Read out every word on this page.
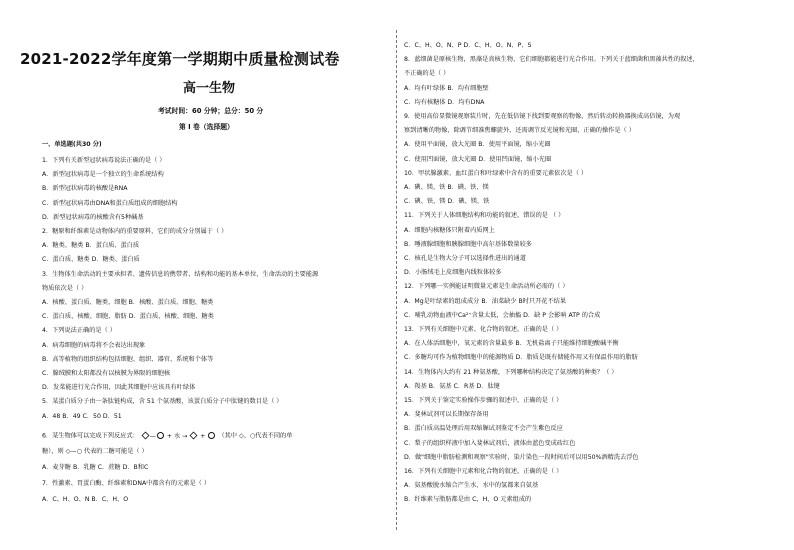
2021-2022学年度第一学期期中质量检测试卷
高一生物
考试时间：60 分钟；总分：50 分
第 I 卷（选择题）
一、单选题(共30 分)
1．下列有关新型冠状病毒说法正确的是（ ）
A．新型冠状病毒是一个独立的生命系统结构
B．新型冠状病毒的核酸是RNA
C．新型冠状病毒由DNA和蛋白质组成的细胞结构
D．新型冠状病毒的核酸含有5种碱基
2．糖原和纤维素是动物体内的重要原料，它们的成分分别属于（ ）
A．糖类、糖类 B．蛋白质、蛋白质
C．蛋白质、糖类 D．糖类、蛋白质
3．生物体生命活动的主要承担者、遗传信息的携带者、结构和功能的基本单位、生命活动的主要能源
物质依次是（ ）
A．核酸、蛋白质、糖类、细胞 B．核酸、蛋白质、细胞、糖类
C．蛋白质、核酸、细胞、脂肪 D．蛋白质、核酸、细胞、糖类
4．下列说法正确的是（ ）
A．病毒细胞的病毒将不会表达出现象
B．高等植物的组织结构包括细胞、组织、器官、系统和个体等
C．腺绒膜和太阳都没有以核膜为界限的细胞核
D．发菜能进行光合作用，因此其细胞中应该具有叶绿体
5．某蛋白质分子由一条肽链构成，含 51 个氨基酸，该蛋白质分子中肽键的数目是（ ）
A．48 B．49 C．50 D．51
6．某生物体可以完成下列反应式： — + 水 →  +  （其中 ◇、○代表不同的单
糖），则 ◇—○ 代表的二糖可能是（ ）
A．麦芽糖 B．乳糖 C．蔗糖 D．B和C
7．性激素、胃蛋白酶、纤维素和DNA中都含有的元素是（ ）
A．C、H、O、N B．C、H、O
C．C、H、O、N、P D．C、H、O、N、P、S
8．蓝细菌是原核生物，黑藻是真核生物，它们细胞都能进行光合作用。下列关于蓝细菌和黑藻共性的叙述，
不正确的是（ ）
A．均有叶绿体 B．均有细胞壁
C．均有核糖体 D．均有DNA
9．使用高倍显微镜观察装片时，先在低倍镜下找到要观察的物像，然后转动转换器换成高倍镜，为观
察到清晰的物像，除调节细准焦螺旋外，还需调节反光镜和光圈，正确的操作是（ ）
A．使用平面镜，放大光圈 B．使用平面镜，缩小光圈
C．使用凹面镜，放大光圈 D．使用凹面镜，缩小光圈
10．甲状腺激素、血红蛋白和叶绿素中含有的重要元素依次是（ ）
A．碘、镁、铁 B．碘、铁、镁
C．碘、铁、镁 D．碘、镁、铁
11．下列关于人体细胞结构和功能的叙述，错误的是 （ ）
A．细胞内核糖体只附着内质网上
B．唾液腺细胞和胰腺细胞中高尔基体数量较多
C．核孔是生物大分子可以选择性进出的通道
D．小肠绒毛上皮细胞内线粒体较多
12．下列哪一实例能证明微量元素是生命活动所必需的（ ）
A．Mg是叶绿素的组成成分 B．油菜缺少 B时只开花不结果
C．哺乳动物血液中Ca²⁺含量太低，会抽搐 D．缺 P 会影响 ATP 的合成
13．下列有关细胞中元素、化合物的叙述，正确的是（ ）
A．在人体活细胞中，氧元素的含量最多 B．无机盐离子只能维持细胞酸碱平衡
C．多糖均可作为植物细胞中的能源物质 D．脂质是既有储能作用又有保温作用的脂肪
14．生物体内大约有 21 种氨基酸，下列哪种结构决定了氨基酸的种类？（ ）
A．羧基 B．氨基 C．R基 D．肽键
15．下列关于鉴定实验操作步骤的叙述中，正确的是（ ）
A．斐林试剂可以长期保存备用
B．蛋白质高温处理后用双缩脲试剂鉴定不会产生紫色反应
C．梨子的组织样液中加入斐林试剂后，液体由蓝色变成砖红色
D．做"细胞中脂肪检测和观察"实验时，染片染色一段时间后可以用50%酒精洗去浮色
16．下列有关细胞中元素和化合物的叙述，正确的是（ ）
A．氨基酸脱水缩合产生水，水中的氢都来自氨基
B．纤维素与脂肪都是由 C、H、O 元素组成的
